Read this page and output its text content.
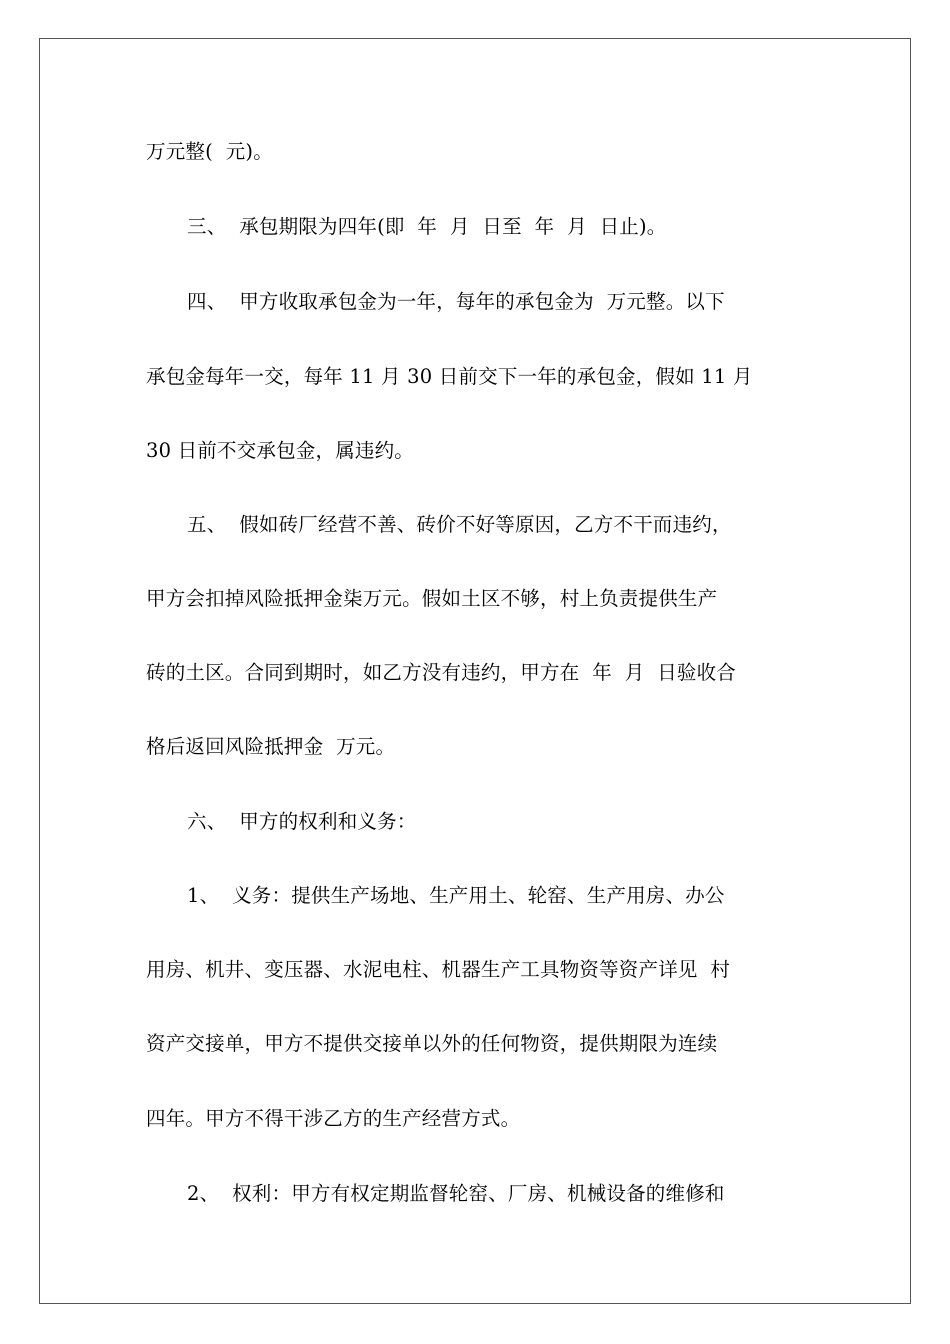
万元整(  元)。
三、  承包期限为四年(即  年  月  日至  年  月  日止)。
四、  甲方收取承包金为一年，每年的承包金为  万元整。以下
承包金每年一交，每年 11 月 30 日前交下一年的承包金，假如 11 月
30 日前不交承包金，属违约。
五、  假如砖厂经营不善、砖价不好等原因，乙方不干而违约，
甲方会扣掉风险抵押金柒万元。假如土区不够，村上负责提供生产
砖的土区。合同到期时，如乙方没有违约，甲方在  年  月  日验收合
格后返回风险抵押金  万元。
六、  甲方的权利和义务：
1、  义务：提供生产场地、生产用土、轮窑、生产用房、办公
用房、机井、变压器、水泥电柱、机器生产工具物资等资产详见  村
资产交接单，甲方不提供交接单以外的任何物资，提供期限为连续
四年。甲方不得干涉乙方的生产经营方式。
2、  权利：甲方有权定期监督轮窑、厂房、机械设备的维修和
